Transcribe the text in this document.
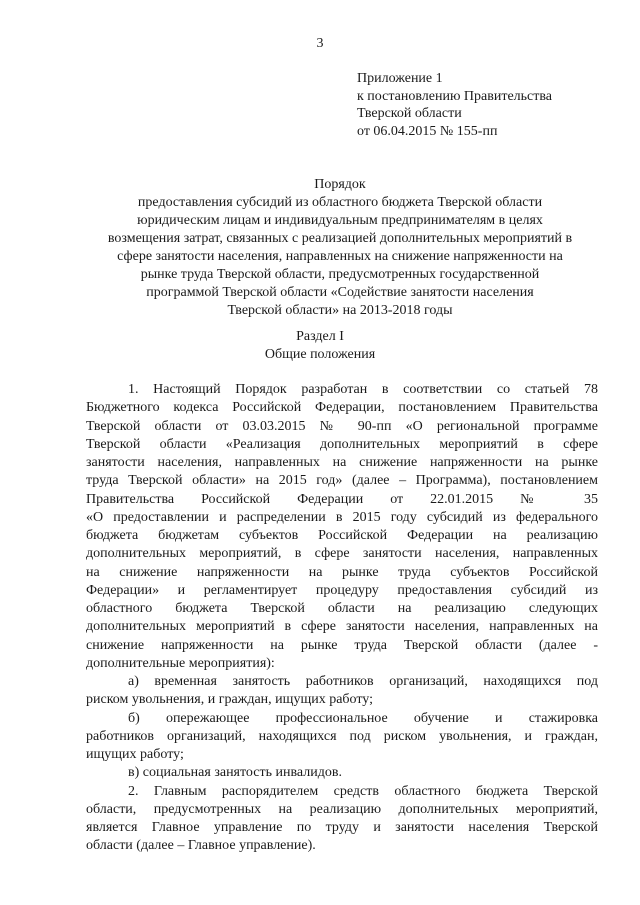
3
Приложение 1
к постановлению Правительства
Тверской области
от 06.04.2015 № 155-пп
Порядок
предоставления субсидий из областного бюджета Тверской области
юридическим лицам и индивидуальным предпринимателям в целях
возмещения затрат, связанных с реализацией дополнительных мероприятий в
сфере занятости населения, направленных на снижение напряженности на
рынке труда Тверской области, предусмотренных государственной
программой Тверской области «Содействие занятости населения
Тверской области» на 2013-2018 годы
Раздел I
Общие положения
1. Настоящий Порядок разработан в соответствии со статьей 78
Бюджетного кодекса Российской Федерации, постановлением Правительства
Тверской области от 03.03.2015 № 90-пп «О региональной программе
Тверской области «Реализация дополнительных мероприятий в сфере
занятости населения, направленных на снижение напряженности на рынке
труда Тверской области» на 2015 год» (далее – Программа), постановлением
Правительства Российской Федерации от 22.01.2015 № 35
«О предоставлении и распределении в 2015 году субсидий из федерального
бюджета бюджетам субъектов Российской Федерации на реализацию
дополнительных мероприятий, в сфере занятости населения, направленных
на снижение напряженности на рынке труда субъектов Российской
Федерации» и регламентирует процедуру предоставления субсидий из
областного бюджета Тверской области на реализацию следующих
дополнительных мероприятий в сфере занятости населения, направленных на
снижение напряженности на рынке труда Тверской области (далее -
дополнительные мероприятия):
а) временная занятость работников организаций, находящихся под
риском увольнения, и граждан, ищущих работу;
б) опережающее профессиональное обучение и стажировка
работников организаций, находящихся под риском увольнения, и граждан,
ищущих работу;
в) социальная занятость инвалидов.
2. Главным распорядителем средств областного бюджета Тверской
области, предусмотренных на реализацию дополнительных мероприятий,
является Главное управление по труду и занятости населения Тверской
области (далее – Главное управление).
